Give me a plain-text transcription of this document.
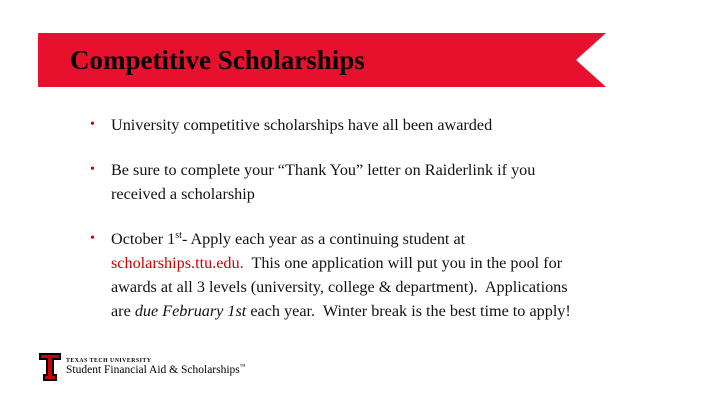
Competitive Scholarships
• University competitive scholarships have all been awarded
• Be sure to complete your “Thank You” letter on Raiderlink if you
received a scholarship
• October 1st- Apply each year as a continuing student at
scholarships.ttu.edu.  This one application will put you in the pool for
awards at all 3 levels (university, college & department).  Applications
are due February 1st each year.  Winter break is the best time to apply!
TEXAS TECH UNIVERSITY
Student Financial Aid & Scholarships™
